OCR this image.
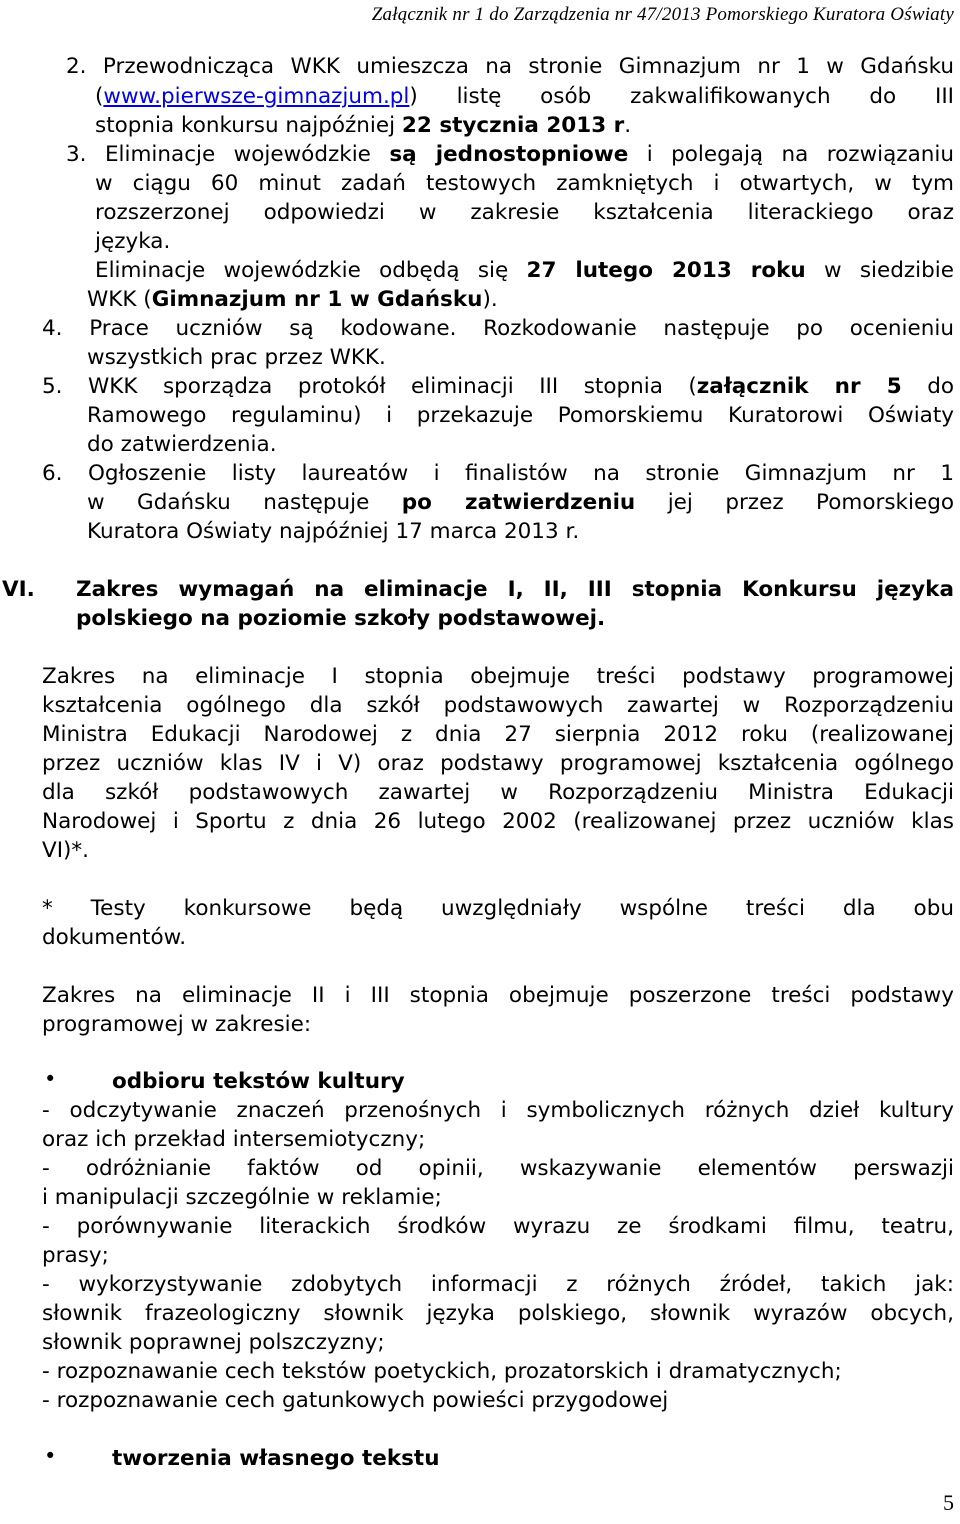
Załącznik nr 1 do Zarządzenia nr 47/2013 Pomorskiego Kuratora Oświaty
2. Przewodnicząca WKK umieszcza na stronie Gimnazjum nr 1 w Gdańsku
(www.pierwsze-gimnazjum.pl) listę osób zakwalifikowanych do III
stopnia konkursu najpóźniej 22 stycznia 2013 r.
3. Eliminacje wojewódzkie są jednostopniowe i polegają na rozwiązaniu
w ciągu 60 minut zadań testowych zamkniętych i otwartych, w tym
rozszerzonej odpowiedzi w zakresie kształcenia literackiego oraz
języka.
Eliminacje wojewódzkie odbędą się 27 lutego 2013 roku w siedzibie
WKK (Gimnazjum nr 1 w Gdańsku).
4. Prace uczniów są kodowane. Rozkodowanie następuje po ocenieniu
wszystkich prac przez WKK.
5. WKK sporządza protokół eliminacji III stopnia (załącznik nr 5 do
Ramowego regulaminu) i przekazuje Pomorskiemu Kuratorowi Oświaty
do zatwierdzenia.
6. Ogłoszenie listy laureatów i finalistów na stronie Gimnazjum nr 1
w Gdańsku następuje po zatwierdzeniu jej przez Pomorskiego
Kuratora Oświaty najpóźniej 17 marca 2013 r.
VI. Zakres wymagań na eliminacje I, II, III stopnia Konkursu języka
polskiego na poziomie szkoły podstawowej.
Zakres na eliminacje I stopnia obejmuje treści podstawy programowej
kształcenia ogólnego dla szkół podstawowych zawartej w Rozporządzeniu
Ministra Edukacji Narodowej z dnia 27 sierpnia 2012 roku (realizowanej
przez uczniów klas IV i V) oraz podstawy programowej kształcenia ogólnego
dla szkół podstawowych zawartej w Rozporządzeniu Ministra Edukacji
Narodowej i Sportu z dnia 26 lutego 2002 (realizowanej przez uczniów klas
VI)*.
* Testy konkursowe będą uwzględniały wspólne treści dla obu
dokumentów.
Zakres na eliminacje II i III stopnia obejmuje poszerzone treści podstawy
programowej w zakresie:
•	odbioru tekstów kultury
- odczytywanie znaczeń przenośnych i symbolicznych różnych dzieł kultury
oraz ich przekład intersemiotyczny;
- odróżnianie faktów od opinii, wskazywanie elementów perswazji
i manipulacji szczególnie w reklamie;
- porównywanie literackich środków wyrazu ze środkami filmu, teatru,
prasy;
- wykorzystywanie zdobytych informacji z różnych źródeł, takich jak:
słownik frazeologiczny słownik języka polskiego, słownik wyrazów obcych,
słownik poprawnej polszczyzny;
- rozpoznawanie cech tekstów poetyckich, prozatorskich i dramatycznych;
- rozpoznawanie cech gatunkowych powieści przygodowej
•	tworzenia własnego tekstu
5
